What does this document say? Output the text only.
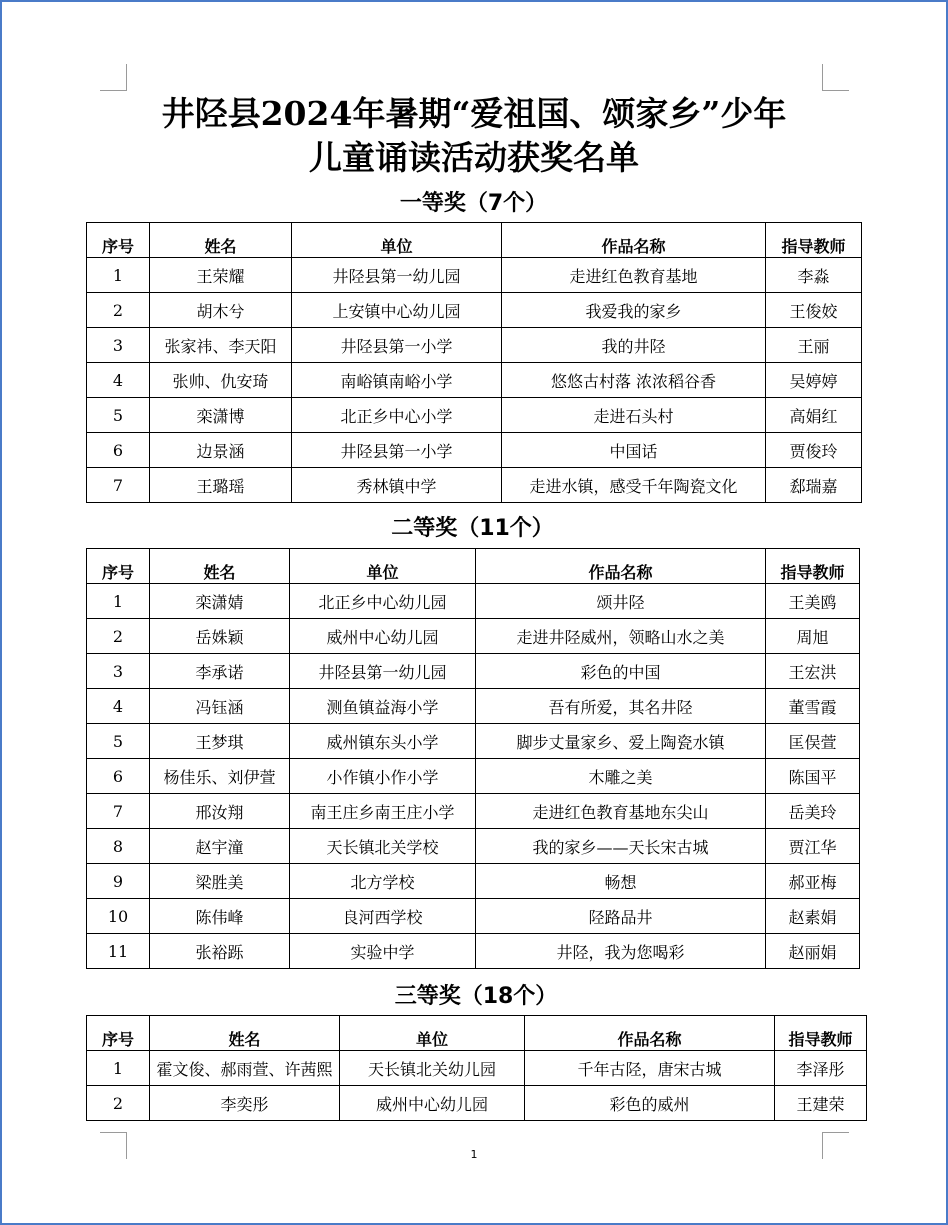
井陉县2024年暑期“爱祖国、颂家乡”少年
儿童诵读活动获奖名单
一等奖（7个）
序号	姓名	单位	作品名称	指导教师
1	王荣耀	井陉县第一幼儿园	走进红色教育基地	李淼
2	胡木兮	上安镇中心幼儿园	我爱我的家乡	王俊姣
3	张家祎、李天阳	井陉县第一小学	我的井陉	王丽
4	张帅、仇安琦	南峪镇南峪小学	悠悠古村落 浓浓稻谷香	吴婷婷
5	栾潇博	北正乡中心小学	走进石头村	高娟红
6	边景涵	井陉县第一小学	中国话	贾俊玲
7	王璐瑶	秀林镇中学	走进水镇，感受千年陶瓷文化	郄瑞嘉
二等奖（11个）
序号	姓名	单位	作品名称	指导教师
1	栾潇婧	北正乡中心幼儿园	颂井陉	王美鸥
2	岳姝颖	威州中心幼儿园	走进井陉威州，领略山水之美	周旭
3	李承诺	井陉县第一幼儿园	彩色的中国	王宏洪
4	冯钰涵	测鱼镇益海小学	吾有所爱，其名井陉	董雪霞
5	王梦琪	威州镇东头小学	脚步丈量家乡、爱上陶瓷水镇	匡俣萱
6	杨佳乐、刘伊萱	小作镇小作小学	木雕之美	陈国平
7	邢汝翔	南王庄乡南王庄小学	走进红色教育基地东尖山	岳美玲
8	赵宇潼	天长镇北关学校	我的家乡——天长宋古城	贾江华
9	梁胜美	北方学校	畅想	郝亚梅
10	陈伟峰	良河西学校	陉路品井	赵素娟
11	张裕跞	实验中学	井陉，我为您喝彩	赵丽娟
三等奖（18个）
序号	姓名	单位	作品名称	指导教师
1	霍文俊、郝雨萱、许茜熙	天长镇北关幼儿园	千年古陉，唐宋古城	李泽彤
2	李奕彤	威州中心幼儿园	彩色的威州	王建荣
1
